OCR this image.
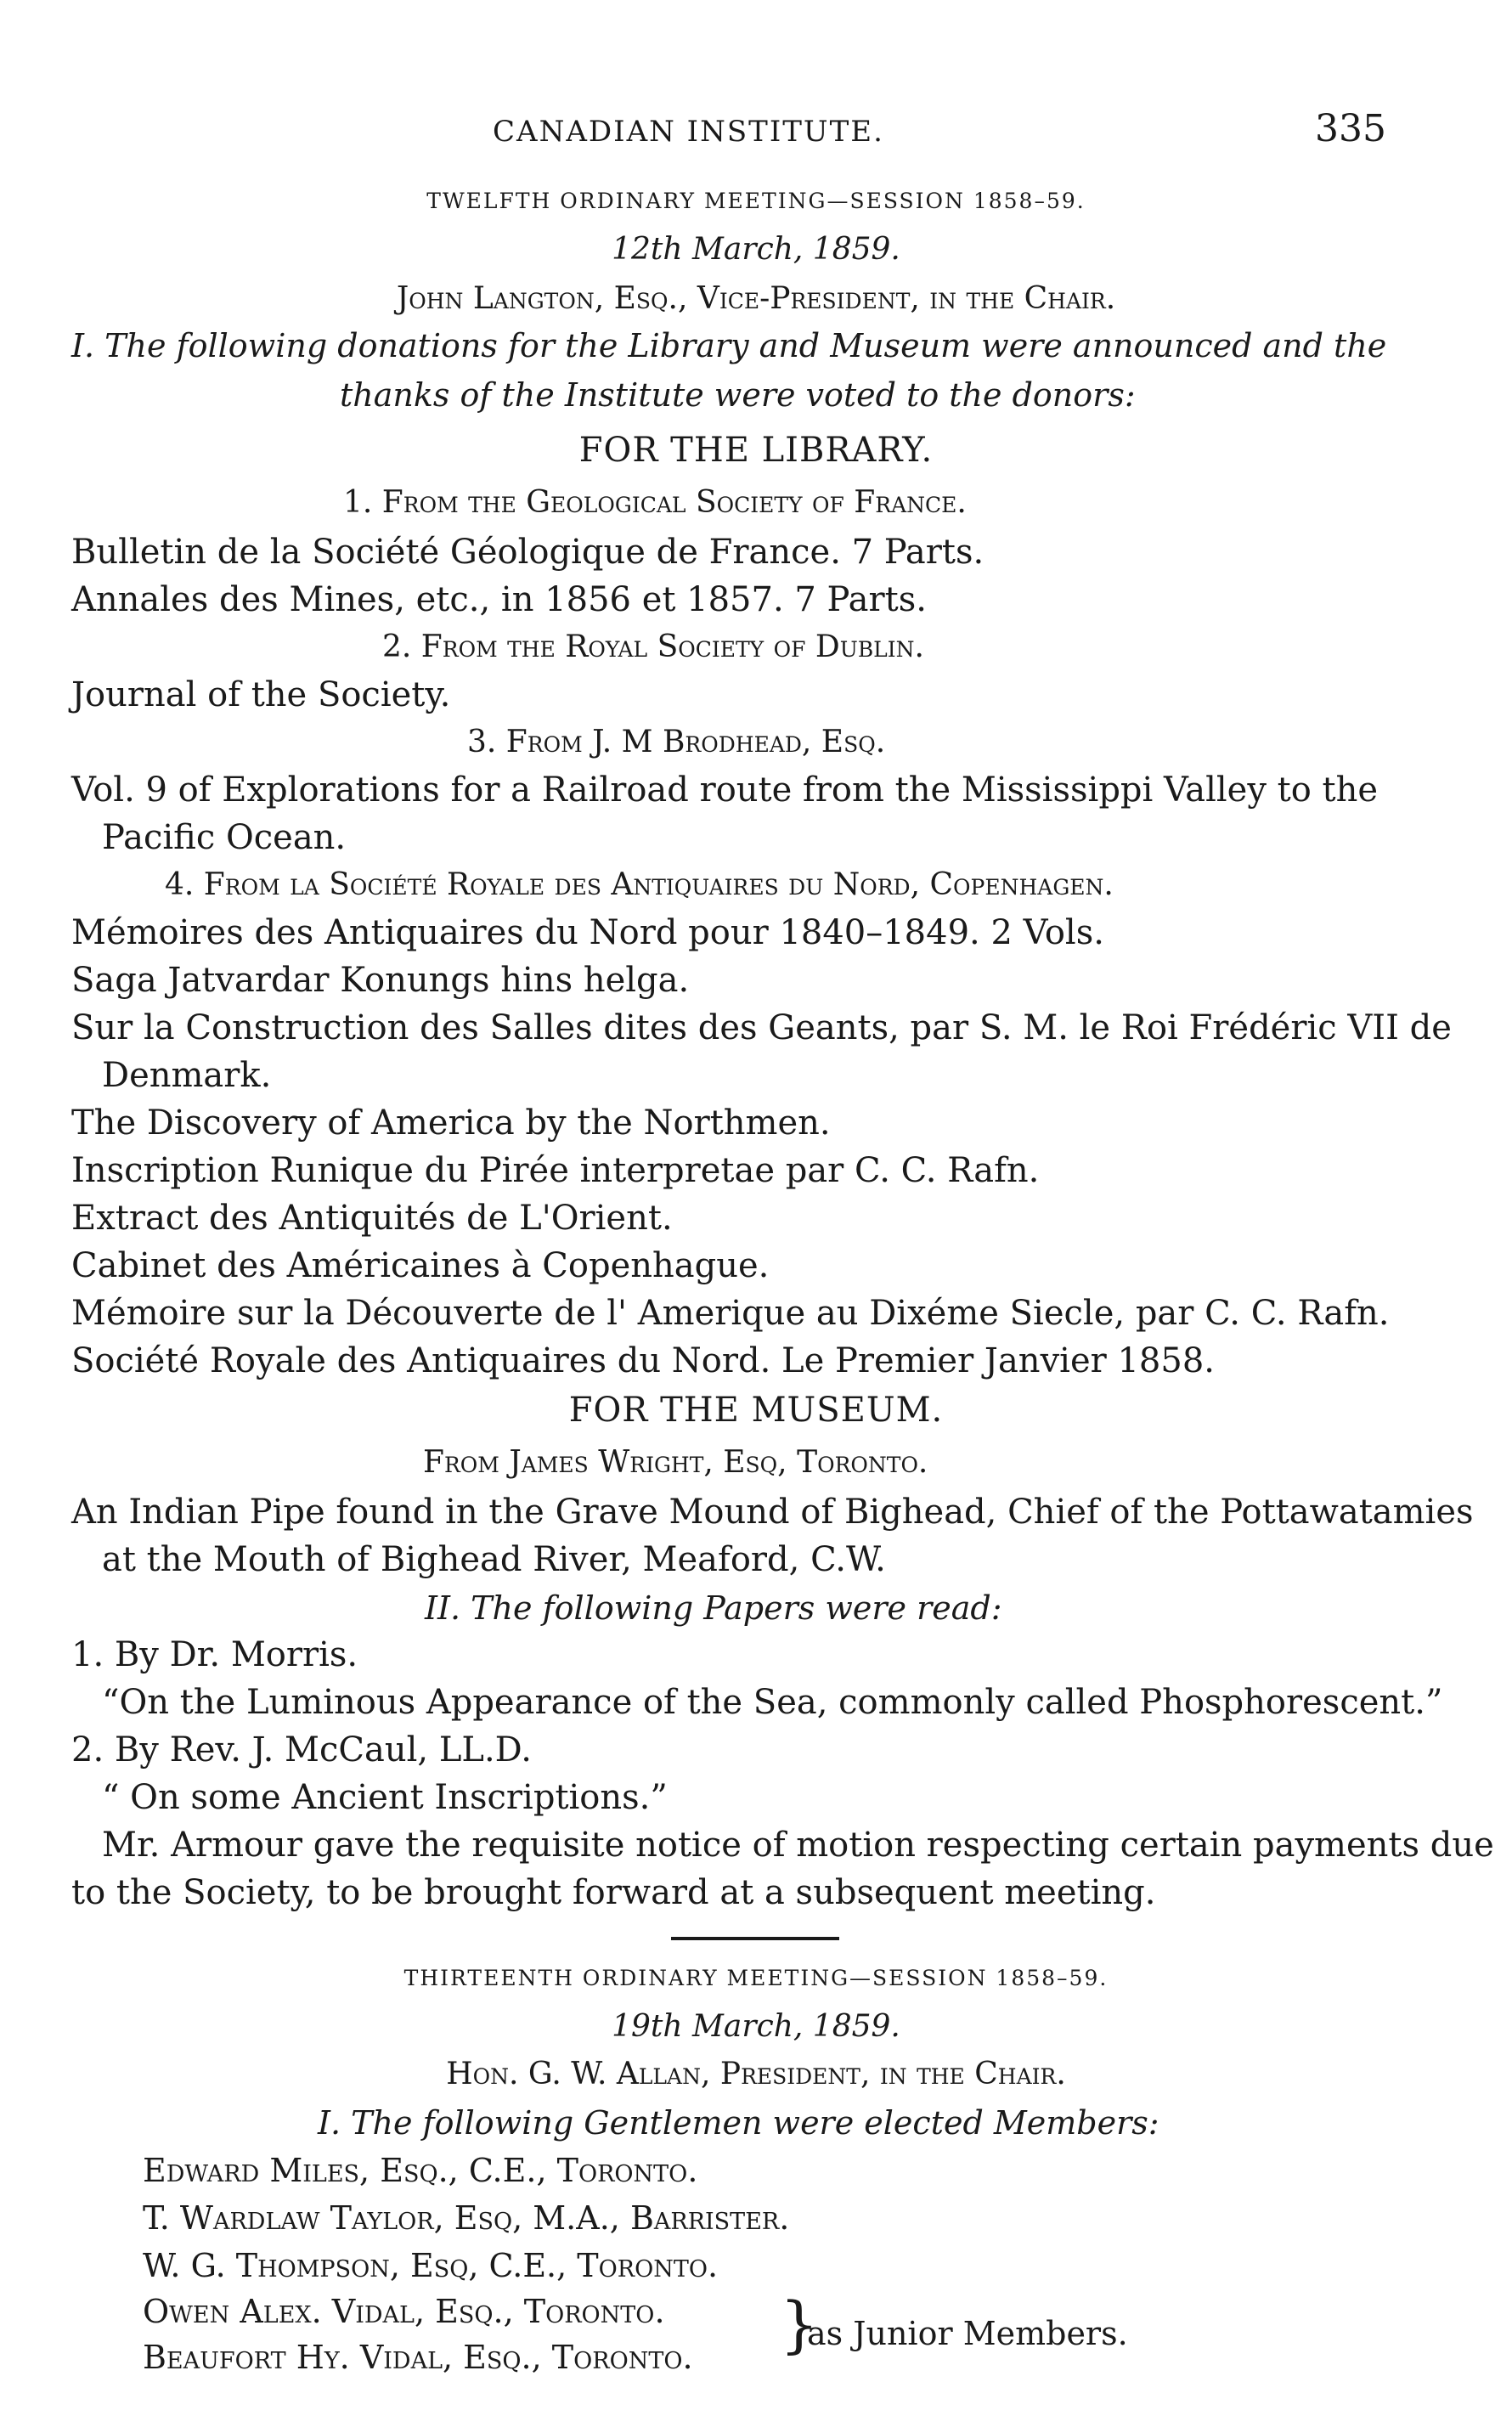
CANADIAN INSTITUTE.	335
TWELFTH ORDINARY MEETING—SESSION 1858–59.
12th March, 1859.
John Langton, Esq., Vice-President, in the Chair.
I. The following donations for the Library and Museum were announced and the
thanks of the Institute were voted to the donors:
FOR THE LIBRARY.
1. From the Geological Society of France.
Bulletin de la Société Géologique de France. 7 Parts.
Annales des Mines, etc., in 1856 et 1857. 7 Parts.
2. From the Royal Society of Dublin.
Journal of the Society.
3. From J. M Brodhead, Esq.
Vol. 9 of Explorations for a Railroad route from the Mississippi Valley to the
Pacific Ocean.
4. From la Société Royale des Antiquaires du Nord, Copenhagen.
Mémoires des Antiquaires du Nord pour 1840–1849. 2 Vols.
Saga Jatvardar Konungs hins helga.
Sur la Construction des Salles dites des Geants, par S. M. le Roi Frédéric VII de
Denmark.
The Discovery of America by the Northmen.
Inscription Runique du Pirée interpretae par C. C. Rafn.
Extract des Antiquités de L'Orient.
Cabinet des Américaines à Copenhague.
Mémoire sur la Découverte de l' Amerique au Dixéme Siecle, par C. C. Rafn.
Société Royale des Antiquaires du Nord. Le Premier Janvier 1858.
FOR THE MUSEUM.
From James Wright, Esq, Toronto.
An Indian Pipe found in the Grave Mound of Bighead, Chief of the Pottawatamies
at the Mouth of Bighead River, Meaford, C.W.
II. The following Papers were read:
1. By Dr. Morris.
“On the Luminous Appearance of the Sea, commonly called Phosphorescent.”
2. By Rev. J. McCaul, LL.D.
“ On some Ancient Inscriptions.”
Mr. Armour gave the requisite notice of motion respecting certain payments due
to the Society, to be brought forward at a subsequent meeting.
THIRTEENTH ORDINARY MEETING—SESSION 1858–59.
19th March, 1859.
Hon. G. W. Allan, President, in the Chair.
I. The following Gentlemen were elected Members:
Edward Miles, Esq., C.E., Toronto.
T. Wardlaw Taylor, Esq, M.A., Barrister.
W. G. Thompson, Esq, C.E., Toronto.
Owen Alex. Vidal, Esq., Toronto.
Beaufort Hy. Vidal, Esq., Toronto. }
as Junior Members.
